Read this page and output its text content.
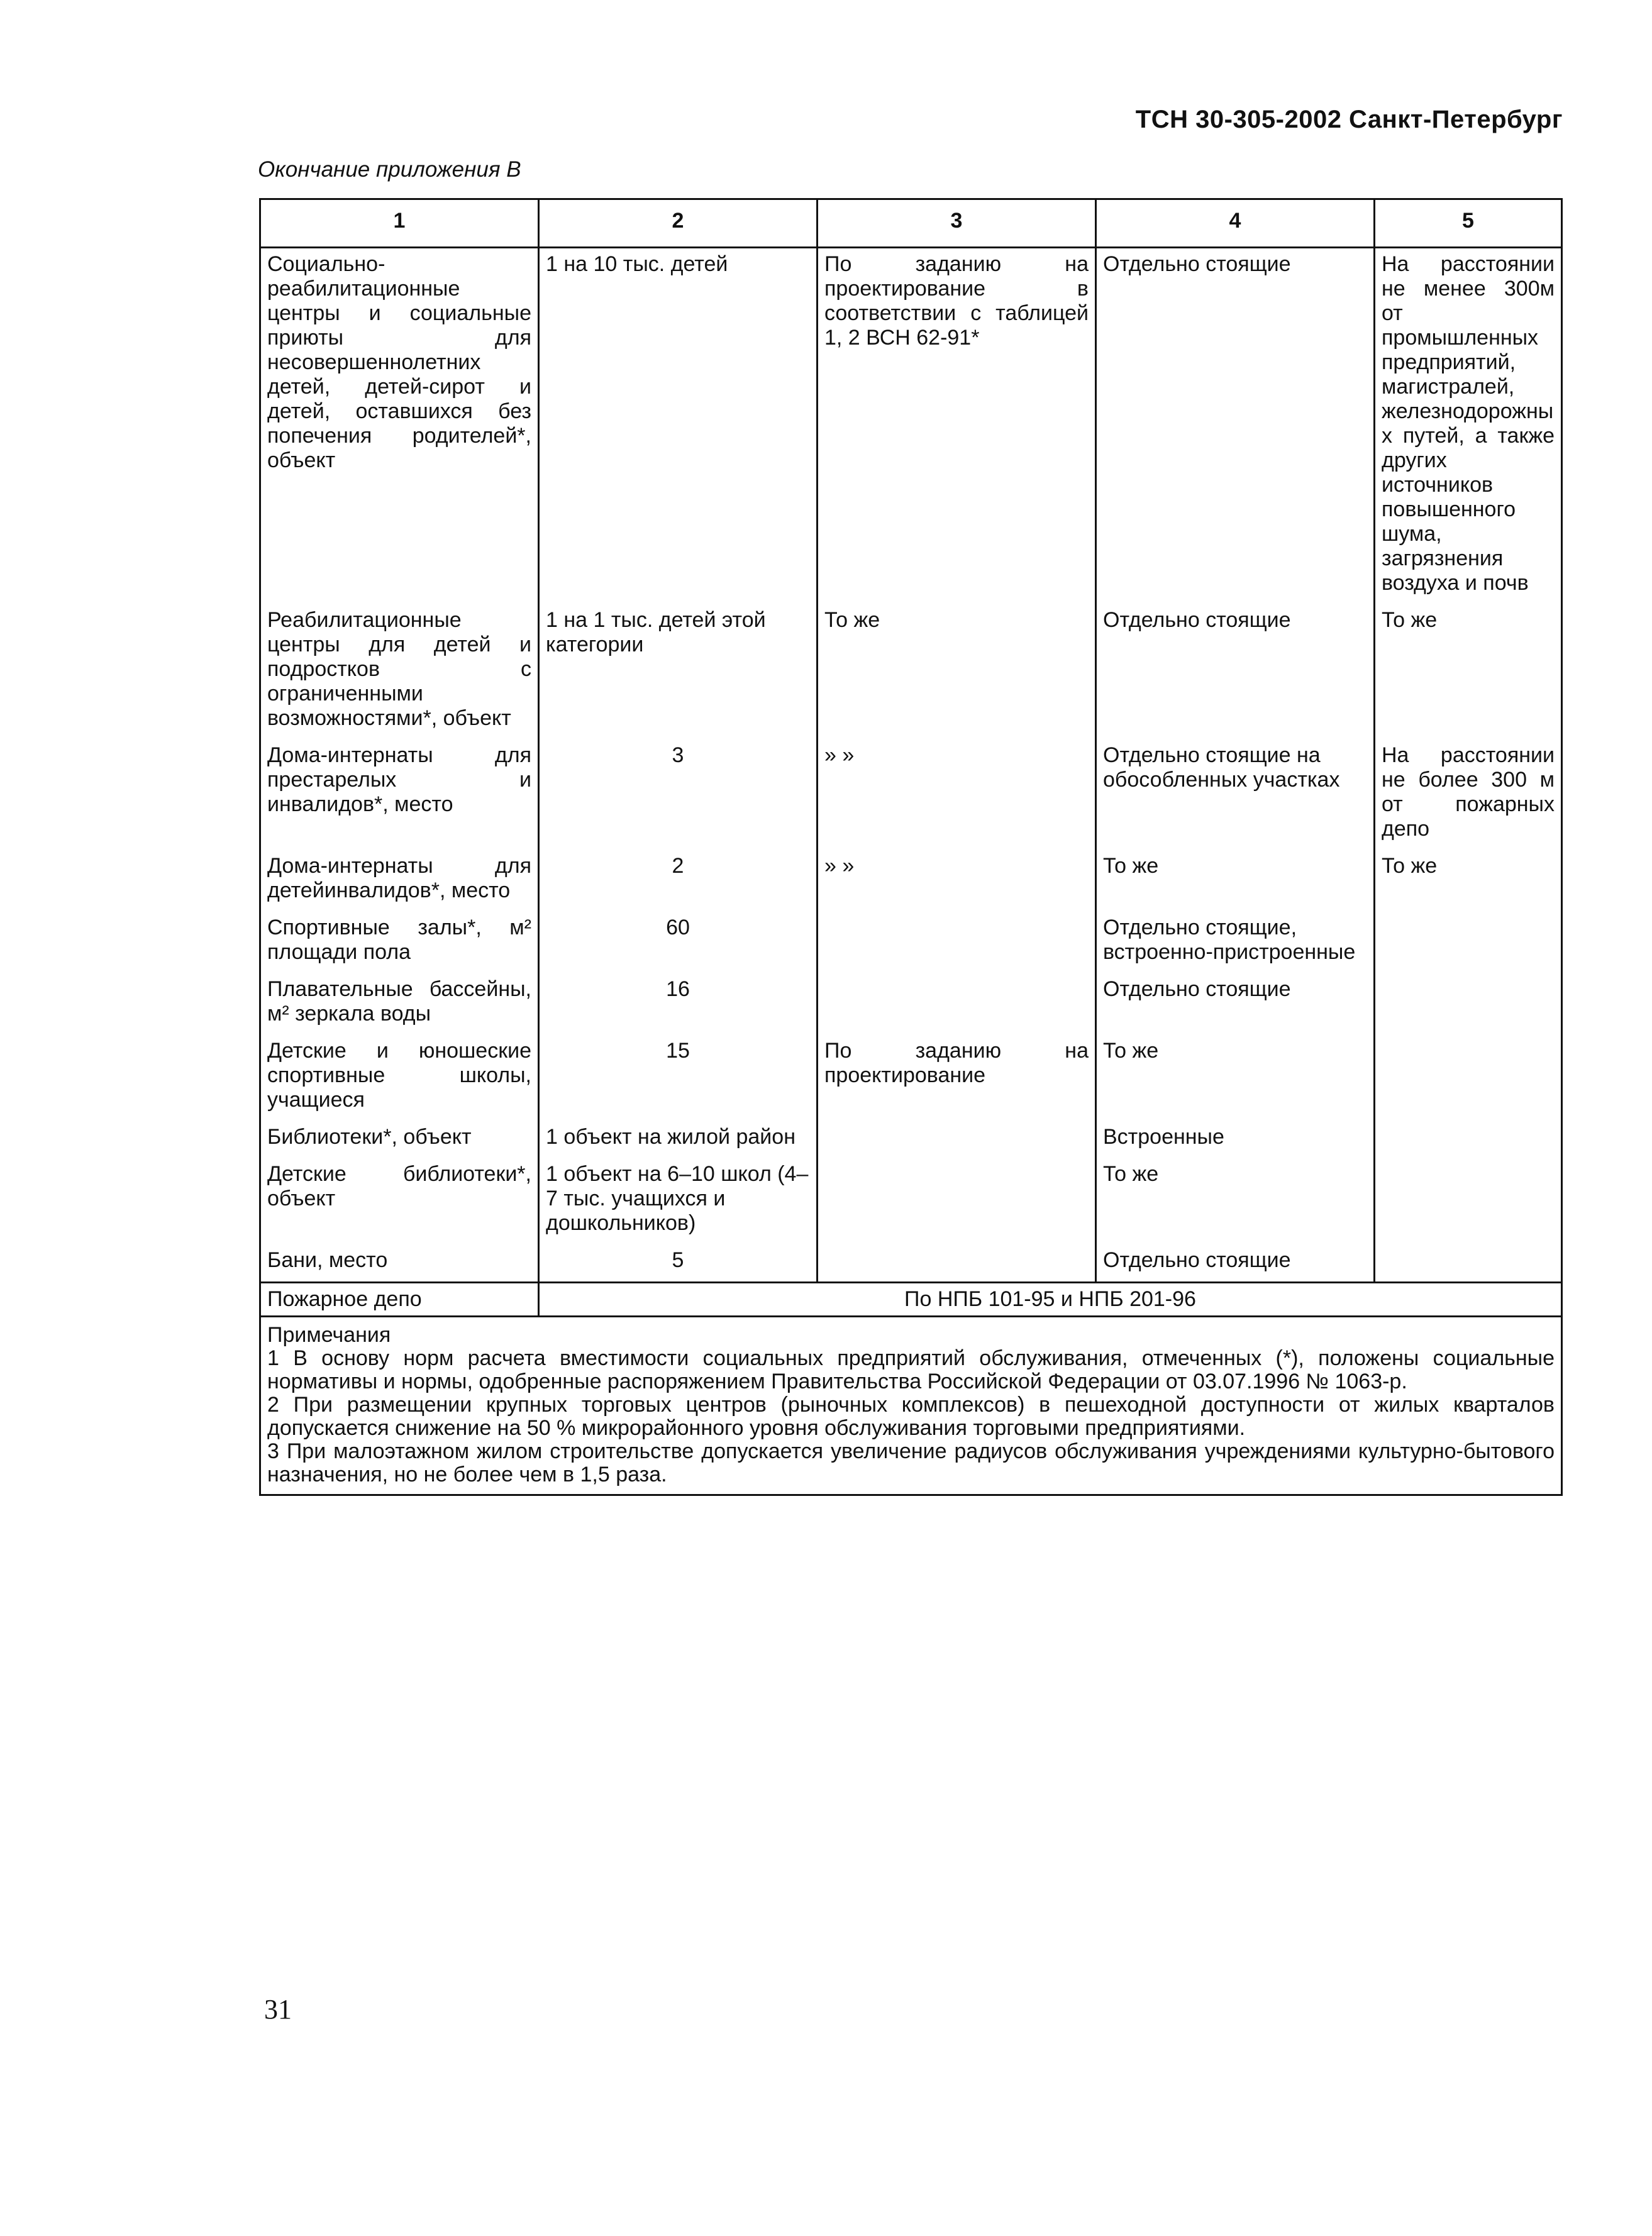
ТСН 30-305-2002 Санкт-Петербург
Окончание приложения В
1	2	3	4	5
Социально-реабилитационные центры и социальные приюты для несовершеннолетних детей, детей-сирот и детей, оставшихся без попечения родителей*, объект	1 на 10 тыс. детей	По заданию на проектирование в соответствии с таблицей 1, 2 ВСН 62-91*	Отдельно стоящие	На расстоянии не менее 300м от промышленных предприятий, магистралей, железнодорожных путей, а также других источников повышенного шума, загрязнения воздуха и почв
Реабилитационные центры для детей и подростков с ограниченными возможностями*, объект	1 на 1 тыс. детей этой категории	То же	Отдельно стоящие	То же
Дома-интернаты для престарелых и инвалидов*, место	3	» »	Отдельно стоящие на обособленных участках	На расстоянии не более 300 м от пожарных депо
Дома-интернаты для детейинвалидов*, место	2	» »	То же	То же
Спортивные залы*, м² площади пола	60		Отдельно стоящие, встроенно-пристроенные	
Плавательные бассейны, м² зеркала воды	16		Отдельно стоящие	
Детские и юношеские спортивные школы, учащиеся	15	По заданию на проектирование	То же	
Библиотеки*, объект	1 объект на жилой район		Встроенные	
Детские библиотеки*, объект	1 объект на 6–10 школ (4–7 тыс. учащихся и дошкольников)		То же	
Бани, место	5		Отдельно стоящие	
Пожарное депо	По НПБ 101-95 и НПБ 201-96			

Примечания
1 В основу норм расчета вместимости социальных предприятий обслуживания, отмеченных (*), положены социальные нормативы и нормы, одобренные распоряжением Правительства Российской Федерации от 03.07.1996 № 1063-р.
2 При размещении крупных торговых центров (рыночных комплексов) в пешеходной доступности от жилых кварталов допускается снижение на 50 % микрорайонного уровня обслуживания торговыми предприятиями.
3 При малоэтажном жилом строительстве допускается увеличение радиусов обслуживания учреждениями культурно-бытового назначения, но не более чем в 1,5 раза.				
31
